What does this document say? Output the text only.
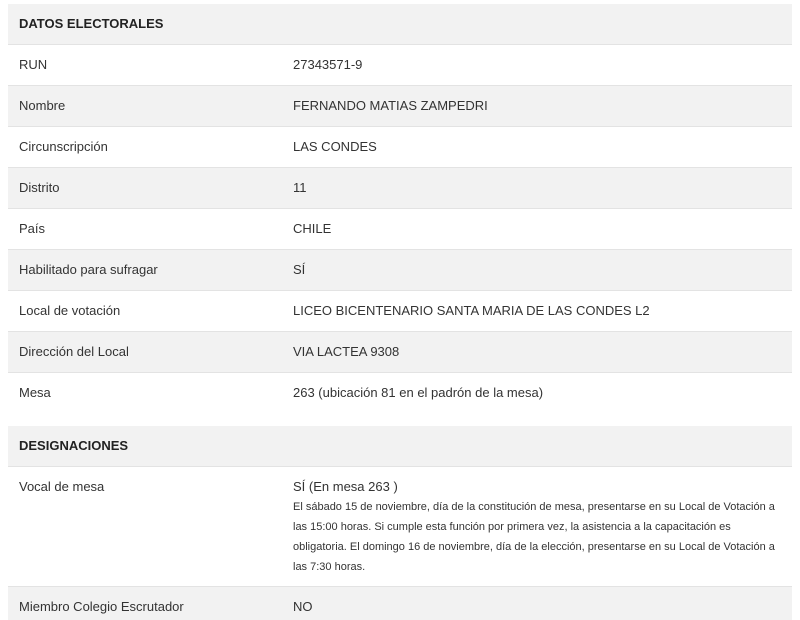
DATOS ELECTORALES	
RUN	27343571-9
Nombre	FERNANDO MATIAS ZAMPEDRI
Circunscripción	LAS CONDES
Distrito	11
País	CHILE
Habilitado para sufragar	SÍ
Local de votación	LICEO BICENTENARIO SANTA MARIA DE LAS CONDES L2
Dirección del Local	VIA LACTEA 9308
Mesa	263 (ubicación 81 en el padrón de la mesa)
DESIGNACIONES	
Vocal de mesa	SÍ (En mesa 263 )
El sábado 15 de noviembre, día de la constitución de mesa, presentarse en su Local de Votación a las 15:00 horas. Si cumple esta función por primera vez, la asistencia a la capacitación es obligatoria. El domingo 16 de noviembre, día de la elección, presentarse en su Local de Votación a las 7:30 horas.

Miembro Colegio Escrutador	NO
